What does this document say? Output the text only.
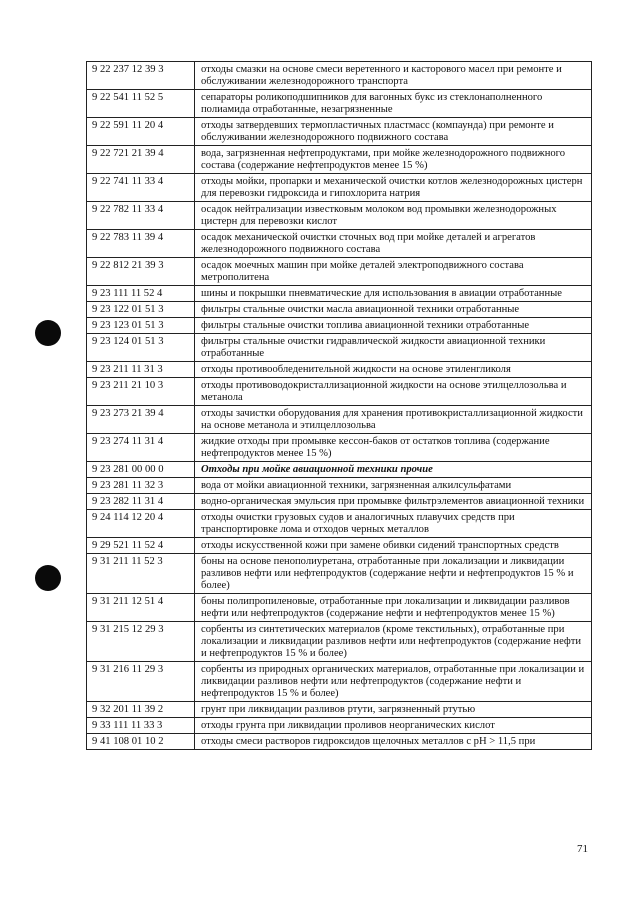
9 22 237 12 39 3	отходы смазки на основе смеси веретенного и касторового масел при ремонте и обслуживании железнодорожного транспорта
9 22 541 11 52 5	сепараторы роликоподшипников для вагонных букс из стеклонаполненного полиамида отработанные, незагрязненные
9 22 591 11 20 4	отходы затвердевших термопластичных пластмасс (компаунда) при ремонте и обслуживании железнодорожного подвижного состава
9 22 721 21 39 4	вода, загрязненная нефтепродуктами, при мойке железнодорожного подвижного состава (содержание нефтепродуктов менее 15 %)
9 22 741 11 33 4	отходы мойки, пропарки и механической очистки котлов железнодорожных цистерн для перевозки гидроксида и гипохлорита натрия
9 22 782 11 33 4	осадок нейтрализации известковым молоком вод промывки железнодорожных цистерн для перевозки кислот
9 22 783 11 39 4	осадок механической очистки сточных вод при мойке деталей и агрегатов железнодорожного подвижного состава
9 22 812 21 39 3	осадок моечных машин при мойке деталей электроподвижного состава метрополитена
9 23 111 11 52 4	шины и покрышки пневматические для использования в авиации отработанные
9 23 122 01 51 3	фильтры стальные очистки масла авиационной техники отработанные
9 23 123 01 51 3	фильтры стальные очистки топлива авиационной техники отработанные
9 23 124 01 51 3	фильтры стальные очистки гидравлической жидкости авиационной техники отработанные
9 23 211 11 31 3	отходы противообледенительной жидкости на основе этиленгликоля
9 23 211 21 10 3	отходы противоводокристаллизационной жидкости на основе этилцеллозольва и метанола
9 23 273 21 39 4	отходы зачистки оборудования для хранения противокристаллизационной жидкости на основе метанола и этилцеллозольва
9 23 274 11 31 4	жидкие отходы при промывке кессон-баков от остатков топлива (содержание нефтепродуктов менее 15 %)
9 23 281 00 00 0	Отходы при мойке авиационной техники прочие
9 23 281 11 32 3	вода от мойки авиационной техники, загрязненная алкилсульфатами
9 23 282 11 31 4	водно-органическая эмульсия при промывке фильтрэлементов авиационной техники
9 24 114 12 20 4	отходы очистки грузовых судов и аналогичных плавучих средств при транспортировке лома и отходов черных металлов
9 29 521 11 52 4	отходы искусственной кожи при замене обивки сидений транспортных средств
9 31 211 11 52 3	боны на основе пенополиуретана, отработанные при локализации и ликвидации разливов нефти или нефтепродуктов (содержание нефти и нефтепродуктов 15 % и более)
9 31 211 12 51 4	боны полипропиленовые, отработанные при локализации и ликвидации разливов нефти или нефтепродуктов (содержание нефти и нефтепродуктов менее 15 %)
9 31 215 12 29 3	сорбенты из синтетических материалов (кроме текстильных), отработанные при локализации и ликвидации разливов нефти или нефтепродуктов (содержание нефти и нефтепродуктов 15 % и более)
9 31 216 11 29 3	сорбенты из природных органических материалов, отработанные при локализации и ликвидации разливов нефти или нефтепродуктов (содержание нефти и нефтепродуктов 15 % и более)
9 32 201 11 39 2	грунт при ликвидации разливов ртути, загрязненный ртутью
9 33 111 11 33 3	отходы грунта при ликвидации проливов неорганических кислот
9 41 108 01 10 2	отходы смеси растворов гидроксидов щелочных металлов с pH > 11,5 при
71
